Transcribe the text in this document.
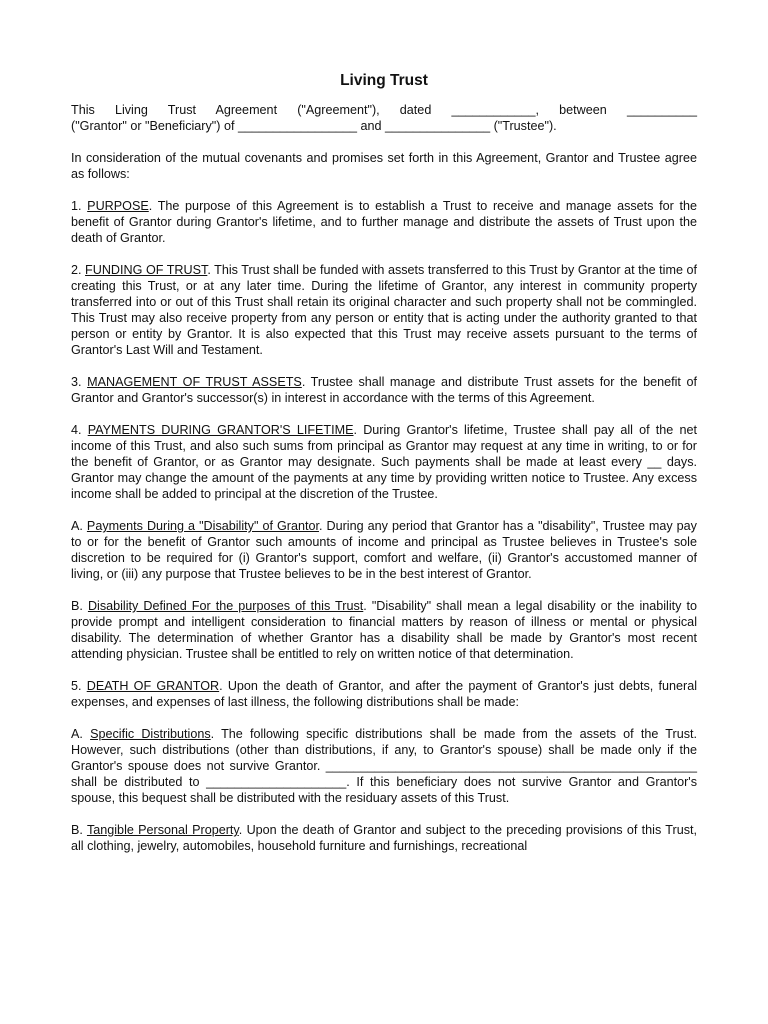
Living Trust
This Living Trust Agreement ("Agreement"), dated ____________, between __________
("Grantor" or "Beneficiary") of _________________ and _______________ ("Trustee").
In consideration of the mutual covenants and promises set forth in this Agreement, Grantor and Trustee agree as follows:
1. PURPOSE. The purpose of this Agreement is to establish a Trust to receive and manage assets for the benefit of Grantor during Grantor's lifetime, and to further manage and distribute the assets of Trust upon the death of Grantor.
2. FUNDING OF TRUST. This Trust shall be funded with assets transferred to this Trust by Grantor at the time of creating this Trust, or at any later time. During the lifetime of Grantor, any interest in community property transferred into or out of this Trust shall retain its original character and such property shall not be commingled. This Trust may also receive property from any person or entity that is acting under the authority granted to that person or entity by Grantor. It is also expected that this Trust may receive assets pursuant to the terms of Grantor's Last Will and Testament.
3. MANAGEMENT OF TRUST ASSETS. Trustee shall manage and distribute Trust assets for the benefit of Grantor and Grantor's successor(s) in interest in accordance with the terms of this Agreement.
4. PAYMENTS DURING GRANTOR'S LIFETIME. During Grantor's lifetime, Trustee shall pay all of the net income of this Trust, and also such sums from principal as Grantor may request at any time in writing, to or for the benefit of Grantor, or as Grantor may designate. Such payments shall be made at least every __ days. Grantor may change the amount of the payments at any time by providing written notice to Trustee. Any excess income shall be added to principal at the discretion of the Trustee.
A. Payments During a "Disability" of Grantor. During any period that Grantor has a "disability", Trustee may pay to or for the benefit of Grantor such amounts of income and principal as Trustee believes in Trustee's sole discretion to be required for (i) Grantor's support, comfort and welfare, (ii) Grantor's accustomed manner of living, or (iii) any purpose that Trustee believes to be in the best interest of Grantor.
B. Disability Defined For the purposes of this Trust. "Disability" shall mean a legal disability or the inability to provide prompt and intelligent consideration to financial matters by reason of illness or mental or physical disability. The determination of whether Grantor has a disability shall be made by Grantor's most recent attending physician. Trustee shall be entitled to rely on written notice of that determination.
5. DEATH OF GRANTOR. Upon the death of Grantor, and after the payment of Grantor's just debts, funeral expenses, and expenses of last illness, the following distributions shall be made:
A. Specific Distributions. The following specific distributions shall be made from the assets of the Trust. However, such distributions (other than distributions, if any, to Grantor's spouse) shall be made only if the Grantor's spouse does not survive Grantor. _____________________________________________________ shall be distributed to ____________________. If this beneficiary does not survive Grantor and Grantor's spouse, this bequest shall be distributed with the residuary assets of this Trust.
B. Tangible Personal Property. Upon the death of Grantor and subject to the preceding provisions of this Trust, all clothing, jewelry, automobiles, household furniture and furnishings, recreational
